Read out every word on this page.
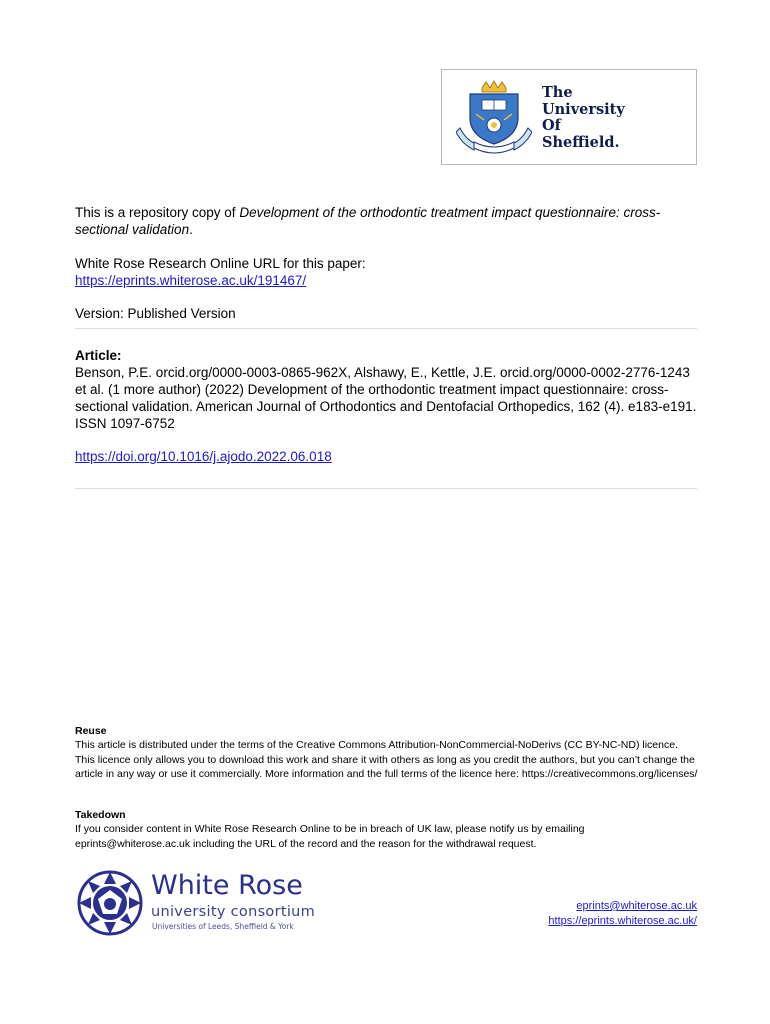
The
University
Of
Sheffield.
This is a repository copy of Development of the orthodontic treatment impact questionnaire: cross-sectional validation.
White Rose Research Online URL for this paper:
https://eprints.whiterose.ac.uk/191467/
Version: Published Version
Article:
Benson, P.E. orcid.org/0000-0003-0865-962X, Alshawy, E., Kettle, J.E. orcid.org/0000-0002-2776-1243 et al. (1 more author) (2022) Development of the orthodontic treatment impact questionnaire: cross-sectional validation. American Journal of Orthodontics and Dentofacial Orthopedics, 162 (4). e183-e191. ISSN 1097-6752
https://doi.org/10.1016/j.ajodo.2022.06.018
Reuse
This article is distributed under the terms of the Creative Commons Attribution-NonCommercial-NoDerivs (CC BY-NC-ND) licence. This licence only allows you to download this work and share it with others as long as you credit the authors, but you can’t change the article in any way or use it commercially. More information and the full terms of the licence here: https://creativecommons.org/licenses/
Takedown
If you consider content in White Rose Research Online to be in breach of UK law, please notify us by emailing eprints@whiterose.ac.uk including the URL of the record and the reason for the withdrawal request.
White Rose
university consortium
Universities of Leeds, Sheffield & York
eprints@whiterose.ac.uk
https://eprints.whiterose.ac.uk/
